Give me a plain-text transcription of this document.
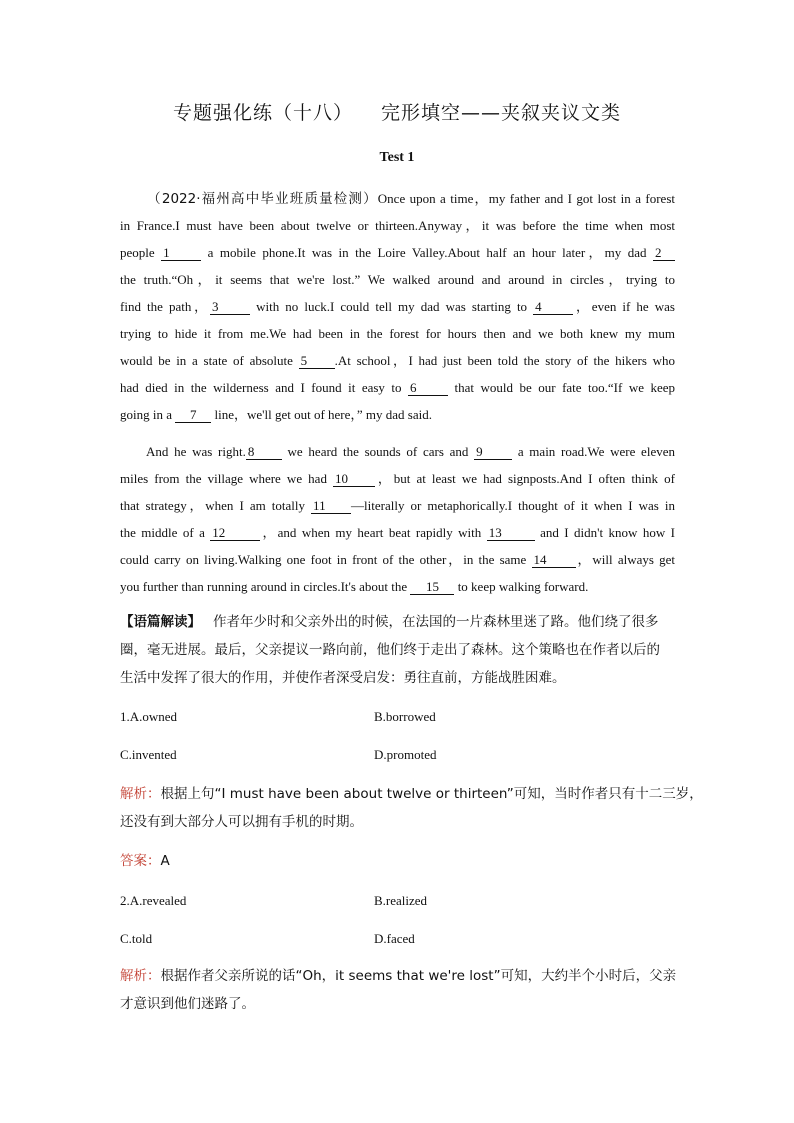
专题强化练（十八） 完形填空——夹叙夹议文类
Test 1
（2022·福州高中毕业班质量检测）Once upon a time，my father and I got lost in a forest
in France.I must have been about twelve or thirteen.Anyway，it was before the time when most
people 1 a mobile phone.It was in the Loire Valley.About half an hour later，my dad 2
the truth.“Oh，it seems that we're lost.” We walked around and around in circles，trying to
find the path， 3 with no luck.I could tell my dad was starting to 4 ，even if he was
trying to hide it from me.We had been in the forest for hours then and we both knew my mum
would be in a state of absolute 5 .At school，I had just been told the story of the hikers who
had died in the wilderness and I found it easy to 6 that would be our fate too.“If we keep
going in a 7 line，we'll get out of here，” my dad said.
And he was right. 8 we heard the sounds of cars and 9 a main road.We were eleven
miles from the village where we had 10 ，but at least we had signposts.And I often think of
that strategy，when I am totally 11 —literally or metaphorically.I thought of it when I was in
the middle of a 12	，and when my heart beat rapidly with 13	and I didn't know how I
could carry on living.Walking one foot in front of the other，in the same 14 ，will always get
you further than running around in circles.It's about the 15 to keep walking forward.
【语篇解读】 作者年少时和父亲外出的时候，在法国的一片森林里迷了路。他们绕了很多
圈，毫无进展。最后，父亲提议一路向前，他们终于走出了森林。这个策略也在作者以后的
生活中发挥了很大的作用，并使作者深受启发：勇往直前，方能战胜困难。
1.A.owned	B.borrowed
C.invented	D.promoted
解析：根据上句“I must have been about twelve or thirteen”可知，当时作者只有十二三岁，
还没有到大部分人可以拥有手机的时期。
答案：A
2.A.revealed	B.realized
C.told	D.faced
解析：根据作者父亲所说的话“Oh，it seems that we're lost”可知，大约半个小时后，父亲
才意识到他们迷路了。
